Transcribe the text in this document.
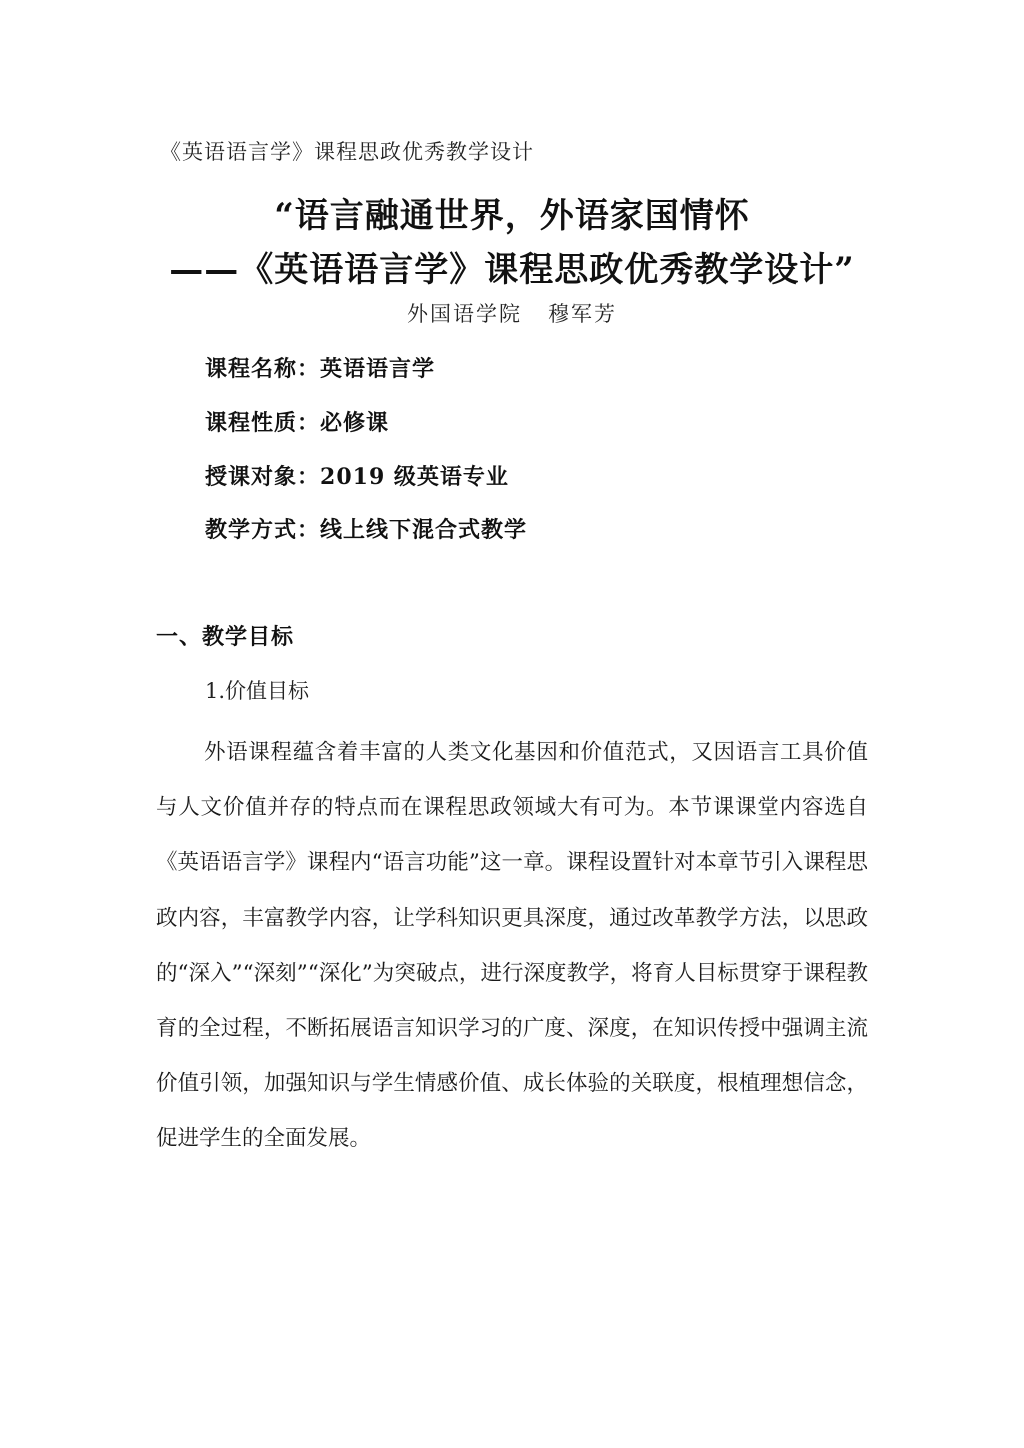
《英语语言学》课程思政优秀教学设计
“语言融通世界，外语家国情怀
——《英语语言学》课程思政优秀教学设计”
外国语学院 穆军芳
课程名称：英语语言学
课程性质：必修课
授课对象：2019 级英语专业
教学方式：线上线下混合式教学
一、教学目标
1.价值目标

外语课程蕴含着丰富的人类文化基因和价值范式，又因语言工具价值与人文价值并存的特点而在课程思政领域大有可为。本节课课堂内容选自《英语语言学》课程内“语言功能”这一章。课程设置针对本章节引入课程思政内容，丰富教学内容，让学科知识更具深度，通过改革教学方法，以思政的“深入”“深刻”“深化”为突破点，进行深度教学，将育人目标贯穿于课程教育的全过程，不断拓展语言知识学习的广度、深度，在知识传授中强调主流价值引领，加强知识与学生情感价值、成长体验的关联度，根植理想信念，促进学生的全面发展。
